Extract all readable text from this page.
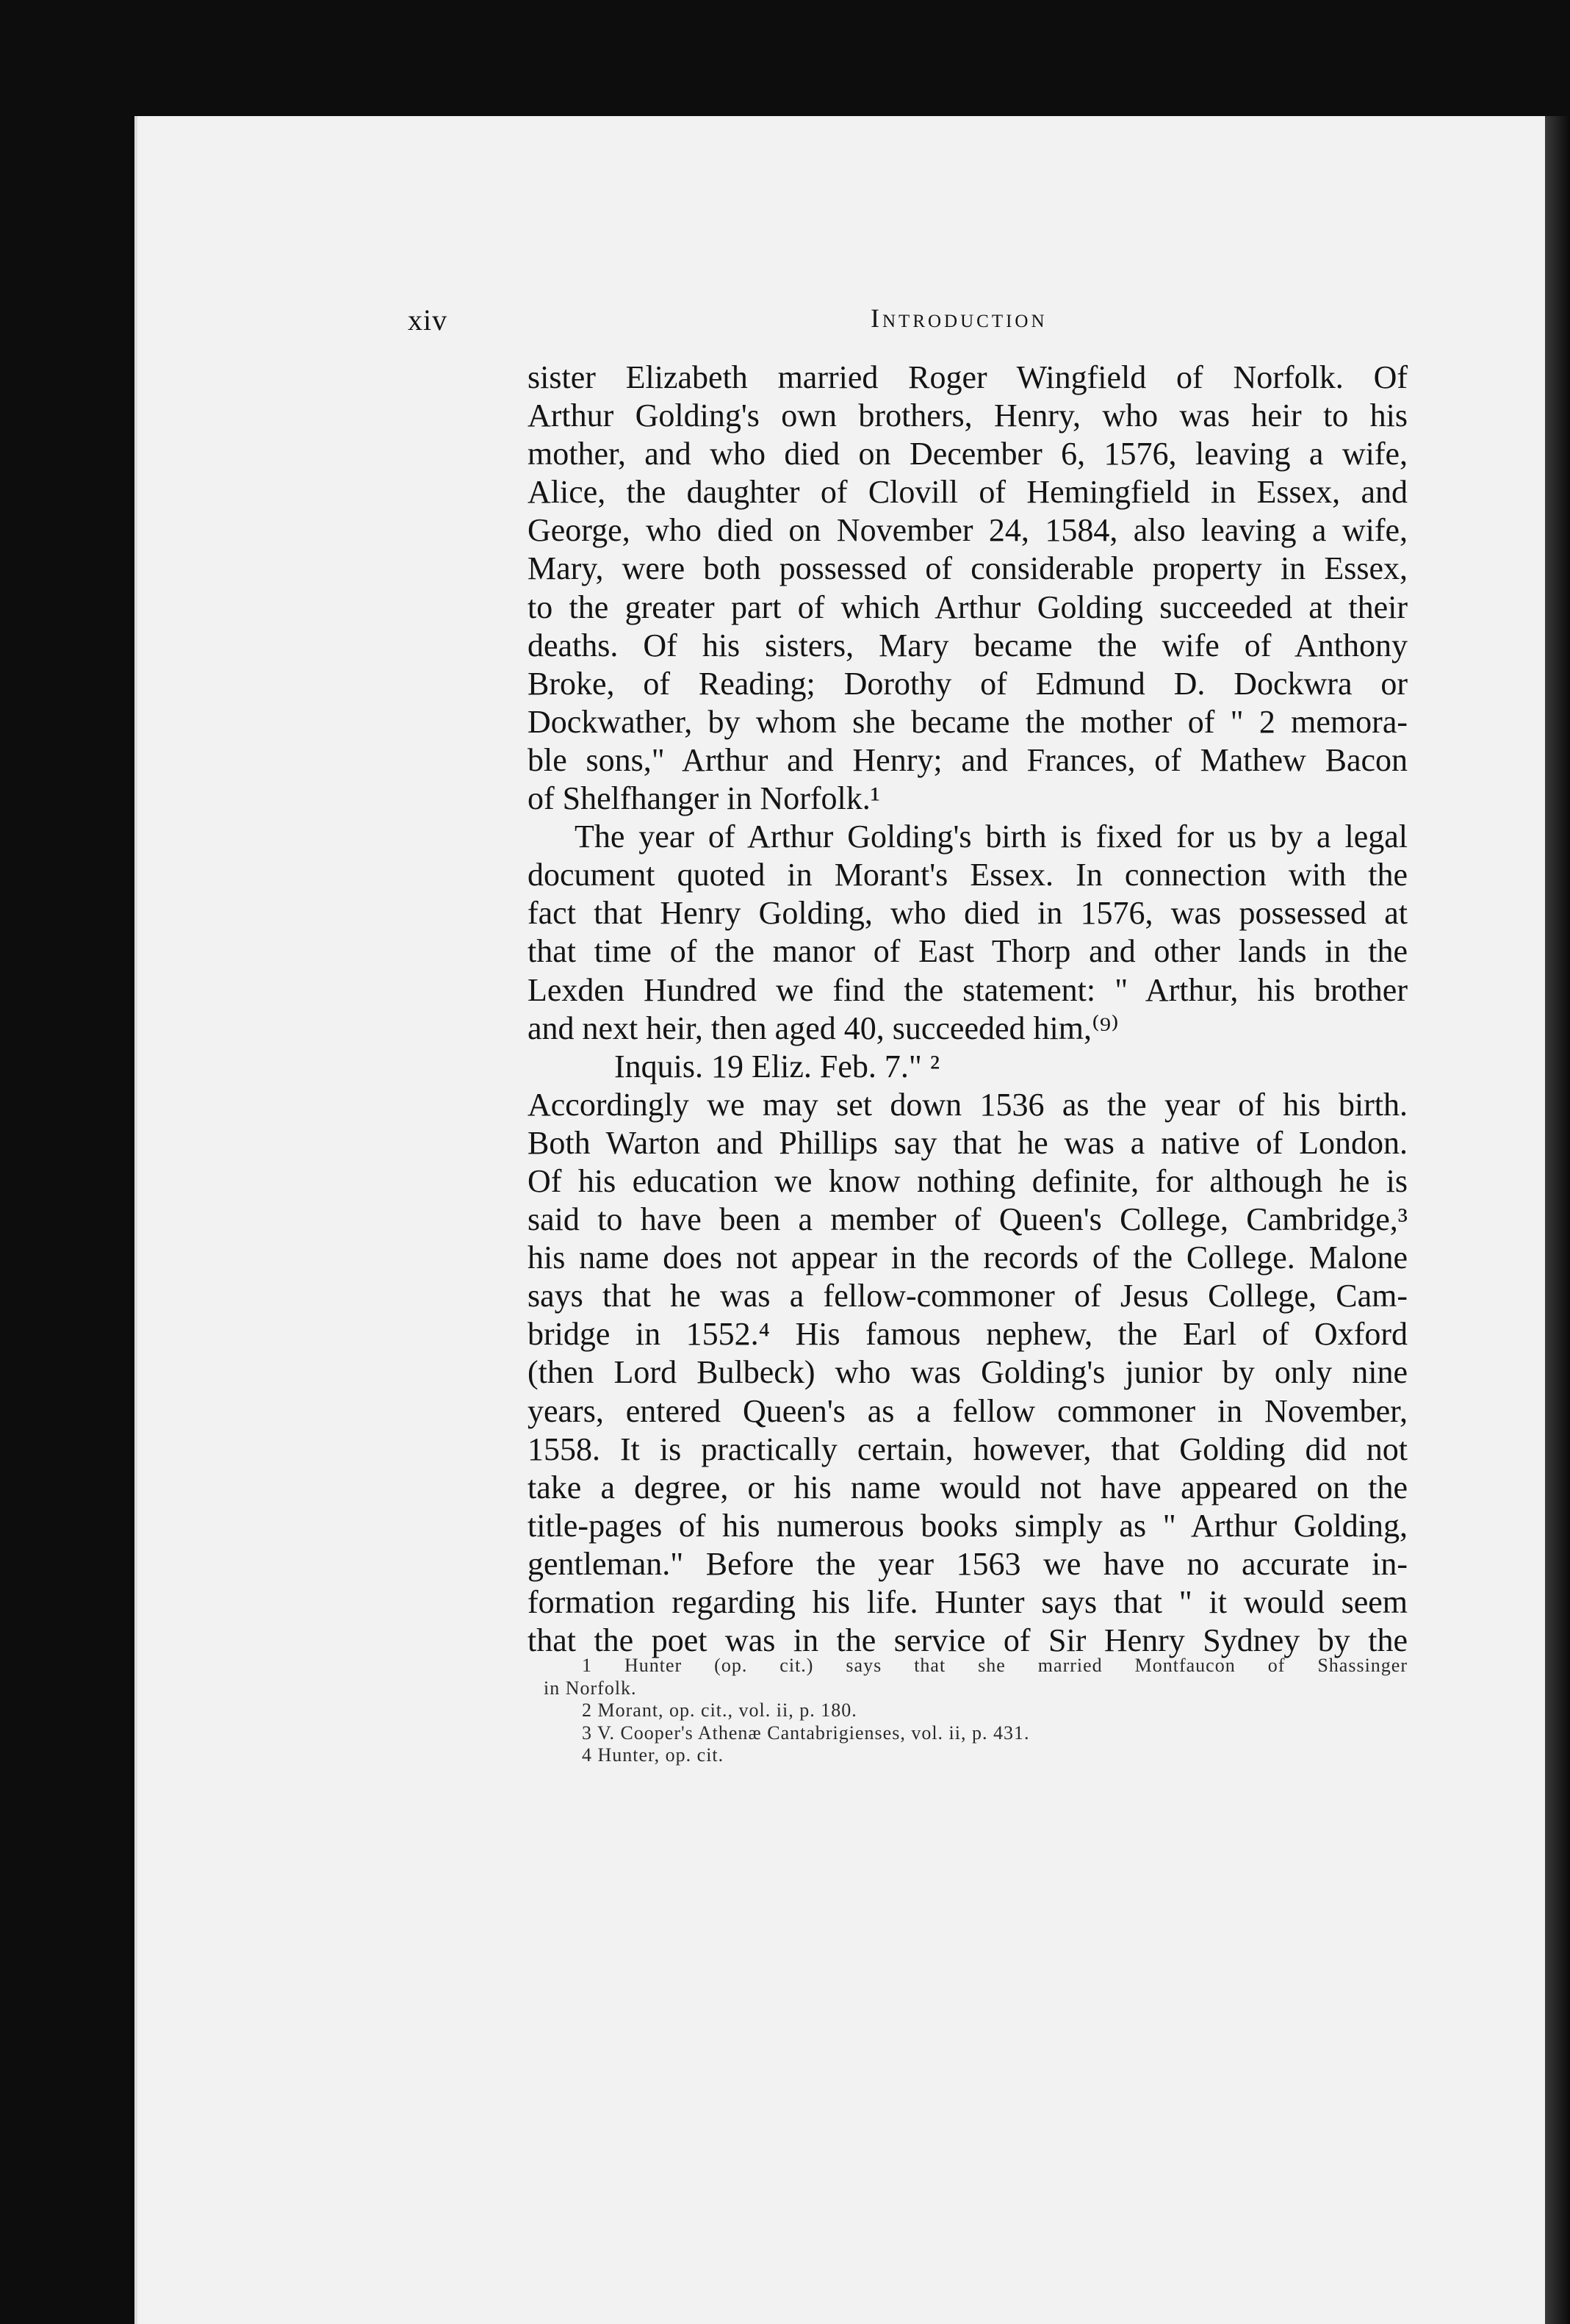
xiv	Introduction
sister Elizabeth married Roger Wingfield of Norfolk. Of
Arthur Golding's own brothers, Henry, who was heir to his
mother, and who died on December 6, 1576, leaving a wife,
Alice, the daughter of Clovill of Hemingfield in Essex, and
George, who died on November 24, 1584, also leaving a wife,
Mary, were both possessed of considerable property in Essex,
to the greater part of which Arthur Golding succeeded at their
deaths. Of his sisters, Mary became the wife of Anthony
Broke, of Reading; Dorothy of Edmund D. Dockwra or
Dockwather, by whom she became the mother of " 2 memora-
ble sons," Arthur and Henry; and Frances, of Mathew Bacon
of Shelfhanger in Norfolk.¹
The year of Arthur Golding's birth is fixed for us by a legal
document quoted in Morant's Essex. In connection with the
fact that Henry Golding, who died in 1576, was possessed at
that time of the manor of East Thorp and other lands in the
Lexden Hundred we find the statement: " Arthur, his brother
and next heir, then aged 40, succeeded him,⁽⁹⁾
Inquis. 19 Eliz. Feb. 7." ²
Accordingly we may set down 1536 as the year of his birth.
Both Warton and Phillips say that he was a native of London.
Of his education we know nothing definite, for although he is
said to have been a member of Queen's College, Cambridge,³
his name does not appear in the records of the College. Malone
says that he was a fellow-commoner of Jesus College, Cam-
bridge in 1552.⁴ His famous nephew, the Earl of Oxford
(then Lord Bulbeck) who was Golding's junior by only nine
years, entered Queen's as a fellow commoner in November,
1558. It is practically certain, however, that Golding did not
take a degree, or his name would not have appeared on the
title-pages of his numerous books simply as " Arthur Golding,
gentleman." Before the year 1563 we have no accurate in-
formation regarding his life. Hunter says that " it would seem
that the poet was in the service of Sir Henry Sydney by the
1 Hunter (op. cit.) says that she married Montfaucon of Shassinger
in Norfolk.
2 Morant, op. cit., vol. ii, p. 180.
3 V. Cooper's Athenæ Cantabrigienses, vol. ii, p. 431.
4 Hunter, op. cit.
